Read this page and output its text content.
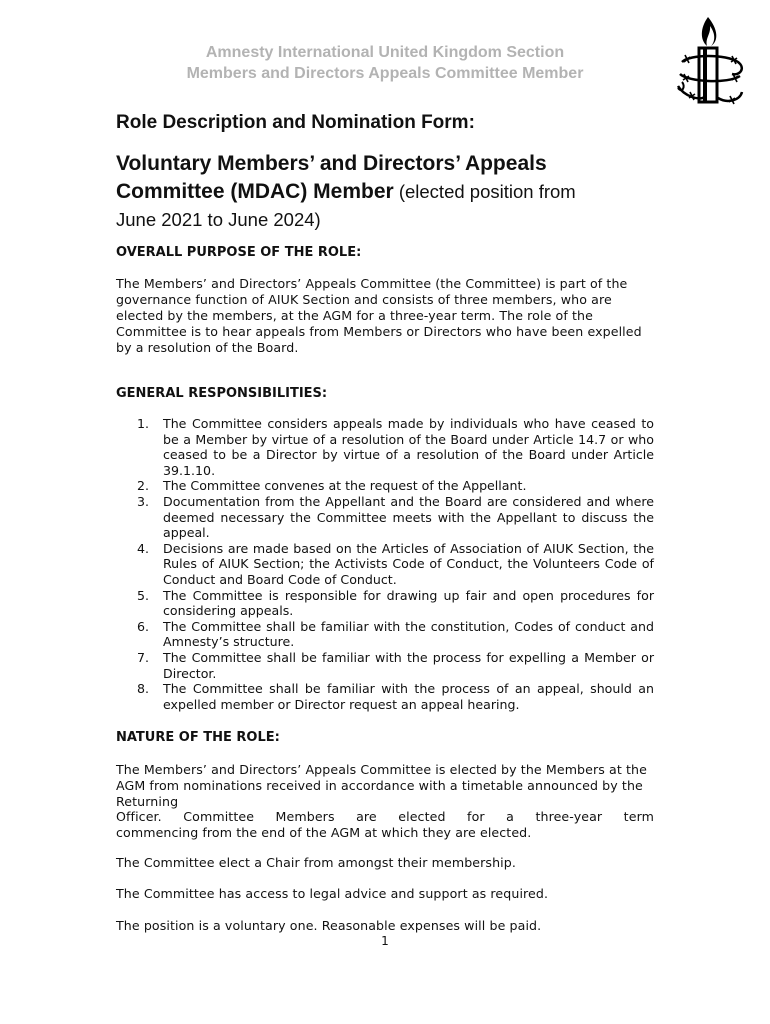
Amnesty International United Kingdom Section
Members and Directors Appeals Committee Member
Role Description and Nomination Form:
Voluntary Members’ and Directors’ Appeals
Committee (MDAC) Member (elected position from
June 2021 to June 2024)
OVERALL PURPOSE OF THE ROLE:
The Members’ and Directors’ Appeals Committee (the Committee) is part of the governance function of AIUK Section and consists of three members, who are elected by the members, at the AGM for a three-year term. The role of the Committee is to hear appeals from Members or Directors who have been expelled by a resolution of the Board.
GENERAL RESPONSIBILITIES:
1. The Committee considers appeals made by individuals who have ceased to be a Member by virtue of a resolution of the Board under Article 14.7 or who ceased to be a Director by virtue of a resolution of the Board under Article 39.1.10.
2. The Committee convenes at the request of the Appellant.
3. Documentation from the Appellant and the Board are considered and where deemed necessary the Committee meets with the Appellant to discuss the appeal.
4. Decisions are made based on the Articles of Association of AIUK Section, the Rules of AIUK Section; the Activists Code of Conduct, the Volunteers Code of Conduct and Board Code of Conduct.
5. The Committee is responsible for drawing up fair and open procedures for considering appeals.
6. The Committee shall be familiar with the constitution, Codes of conduct and Amnesty’s structure.
7. The Committee shall be familiar with the process for expelling a Member or Director.
8. The Committee shall be familiar with the process of an appeal, should an expelled member or Director request an appeal hearing.
NATURE OF THE ROLE:
The Members’ and Directors’ Appeals Committee is elected by the Members at the AGM from nominations received in accordance with a timetable announced by the Returning
Officer. Committee Members are elected for a three-year term
commencing from the end of the AGM at which they are elected.
The Committee elect a Chair from amongst their membership.
The Committee has access to legal advice and support as required.
The position is a voluntary one. Reasonable expenses will be paid.
1
